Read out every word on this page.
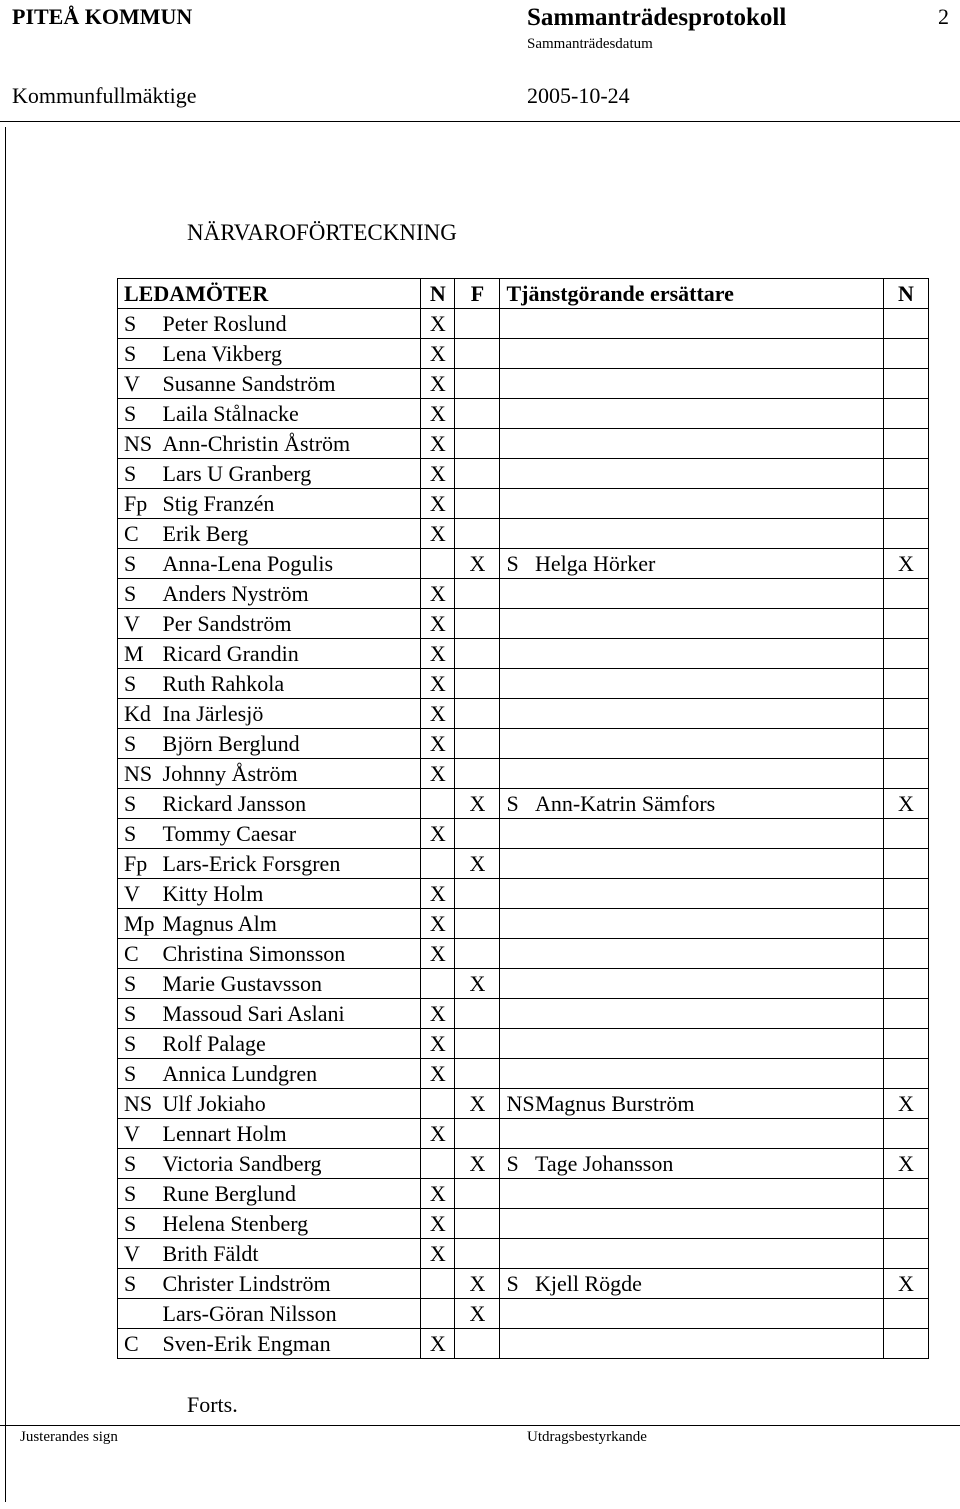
PITEÅ KOMMUN	Sammanträdesprotokoll	2
Sammanträdesdatum
Kommunfullmäktige	2005-10-24
NÄRVAROFÖRTECKNING
LEDAMÖTER		N	F	Tjänstgörande ersättare		N
S	Peter Roslund	X				
S	Lena Vikberg	X				
V	Susanne Sandström	X				
S	Laila Stålnacke	X				
NS	Ann-Christin Åström	X				
S	Lars U Granberg	X				
Fp	Stig Franzén	X				
C	Erik Berg	X				
S	Anna-Lena Pogulis		X	S	Helga Hörker	X
S	Anders Nyström	X				
V	Per Sandström	X				
M	Ricard Grandin	X				
S	Ruth Rahkola	X				
Kd	Ina Järlesjö	X				
S	Björn Berglund	X				
NS	Johnny Åström	X				
S	Rickard Jansson		X	S	Ann-Katrin Sämfors	X
S	Tommy Caesar	X				
Fp	Lars-Erick Forsgren		X			
V	Kitty Holm	X				
Mp	Magnus Alm	X				
C	Christina Simonsson	X				
S	Marie Gustavsson		X			
S	Massoud Sari Aslani	X				
S	Rolf Palage	X				
S	Annica Lundgren	X				
NS	Ulf Jokiaho		X	NS	Magnus Burström	X
V	Lennart Holm	X				
S	Victoria Sandberg		X	S	Tage Johansson	X
S	Rune Berglund	X				
S	Helena Stenberg	X				
V	Brith Fäldt	X				
S	Christer Lindström		X	S	Kjell Rögde	X
	Lars-Göran Nilsson		X			
C	Sven-Erik Engman	X				
Forts.
Justerandes sign	Utdragsbestyrkande
